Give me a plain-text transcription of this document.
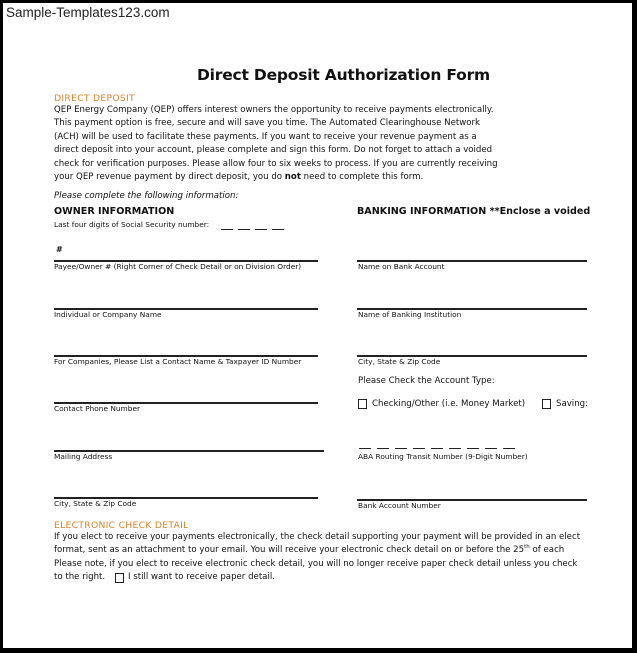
Sample-Templates123.com
Direct Deposit Authorization Form
DIRECT DEPOSIT
QEP Energy Company (QEP) offers interest owners the opportunity to receive payments electronically.
This payment option is free, secure and will save you time. The Automated Clearinghouse Network
(ACH) will be used to facilitate these payments. If you want to receive your revenue payment as a
direct deposit into your account, please complete and sign this form. Do not forget to attach a voided
check for verification purposes. Please allow four to six weeks to process. If you are currently receiving
your QEP revenue payment by direct deposit, you do not need to complete this form.
Please complete the following information:
OWNER INFORMATION
Last four digits of Social Security number:
#
Payee/Owner # (Right Corner of Check Detail or on Division Order)
Individual or Company Name
For Companies, Please List a Contact Name & Taxpayer ID Number
Contact Phone Number
Mailing Address
City, State & Zip Code
BANKING INFORMATION **Enclose a voided
Name on Bank Account
Name of Banking Institution
City, State & Zip Code
Please Check the Account Type:
Checking/Other (i.e. Money Market)	Saving:
ABA Routing Transit Number (9-Digit Number)
Bank Account Number
ELECTRONIC CHECK DETAIL
If you elect to receive your payments electronically, the check detail supporting your payment will be provided in an elect
format, sent as an attachment to your email. You will receive your electronic check detail on or before the 25th of each
Please note, if you elect to receive electronic check detail, you will no longer receive paper check detail unless you check
to the right.	I still want to receive paper detail.
